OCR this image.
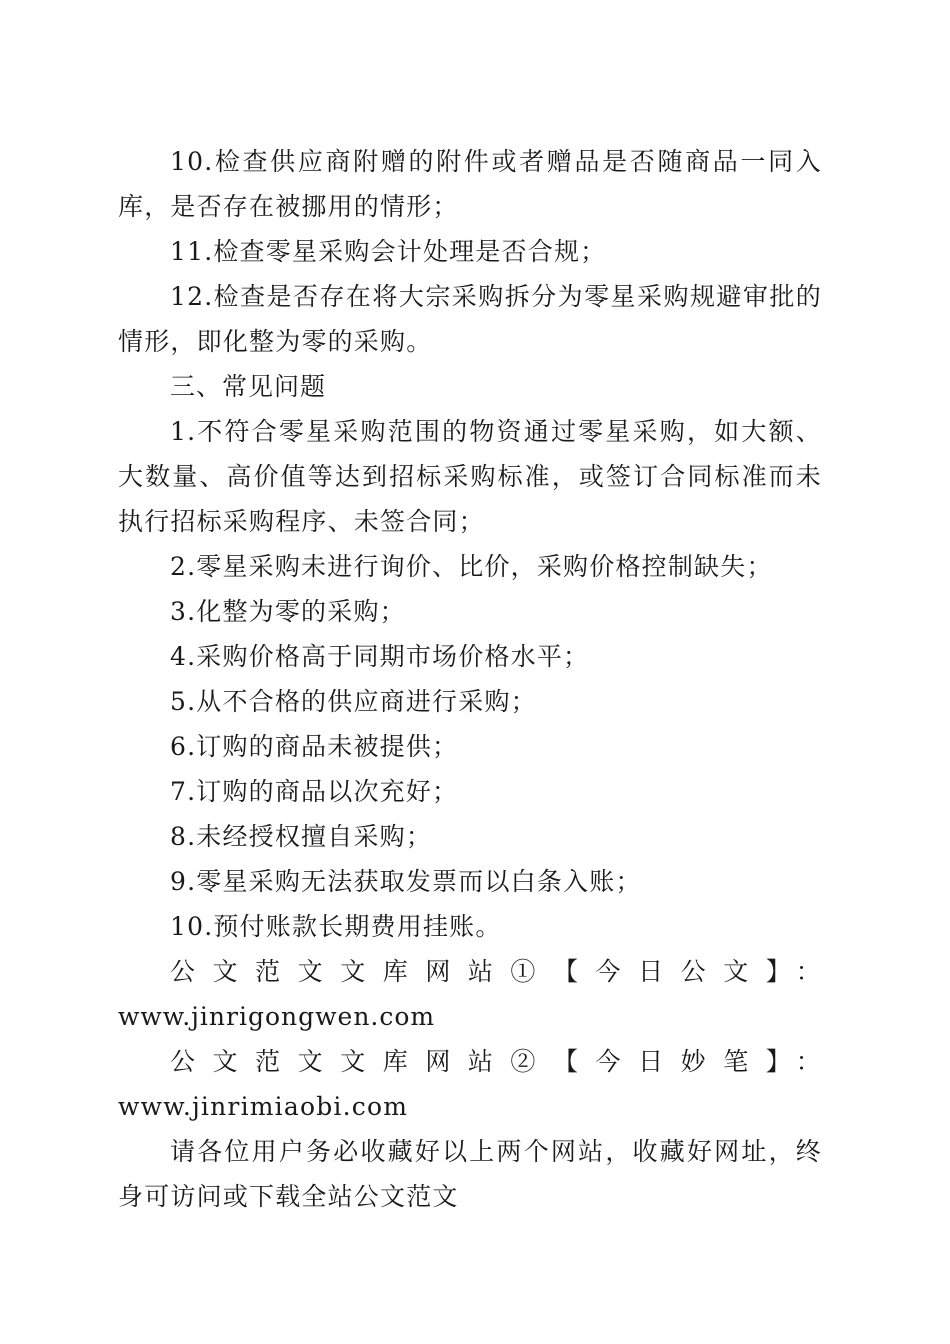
10.检查供应商附赠的附件或者赠品是否随商品一同入库，是否存在被挪用的情形；

11.检查零星采购会计处理是否合规；

12.检查是否存在将大宗采购拆分为零星采购规避审批的情形，即化整为零的采购。

三、常见问题

1.不符合零星采购范围的物资通过零星采购，如大额、大数量、高价值等达到招标采购标准，或签订合同标准而未执行招标采购程序、未签合同；

2.零星采购未进行询价、比价，采购价格控制缺失；

3.化整为零的采购；

4.采购价格高于同期市场价格水平；

5.从不合格的供应商进行采购；

6.订购的商品未被提供；

7.订购的商品以次充好；

8.未经授权擅自采购；

9.零星采购无法获取发票而以白条入账；

10.预付账款长期费用挂账。

公文范文文库网站①【今日公文】：

www.jinrigongwen.com

公文范文文库网站②【今日妙笔】：www.jinrimiaobi.com

请各位用户务必收藏好以上两个网站，收藏好网址，终身可访问或下载全站公文范文
